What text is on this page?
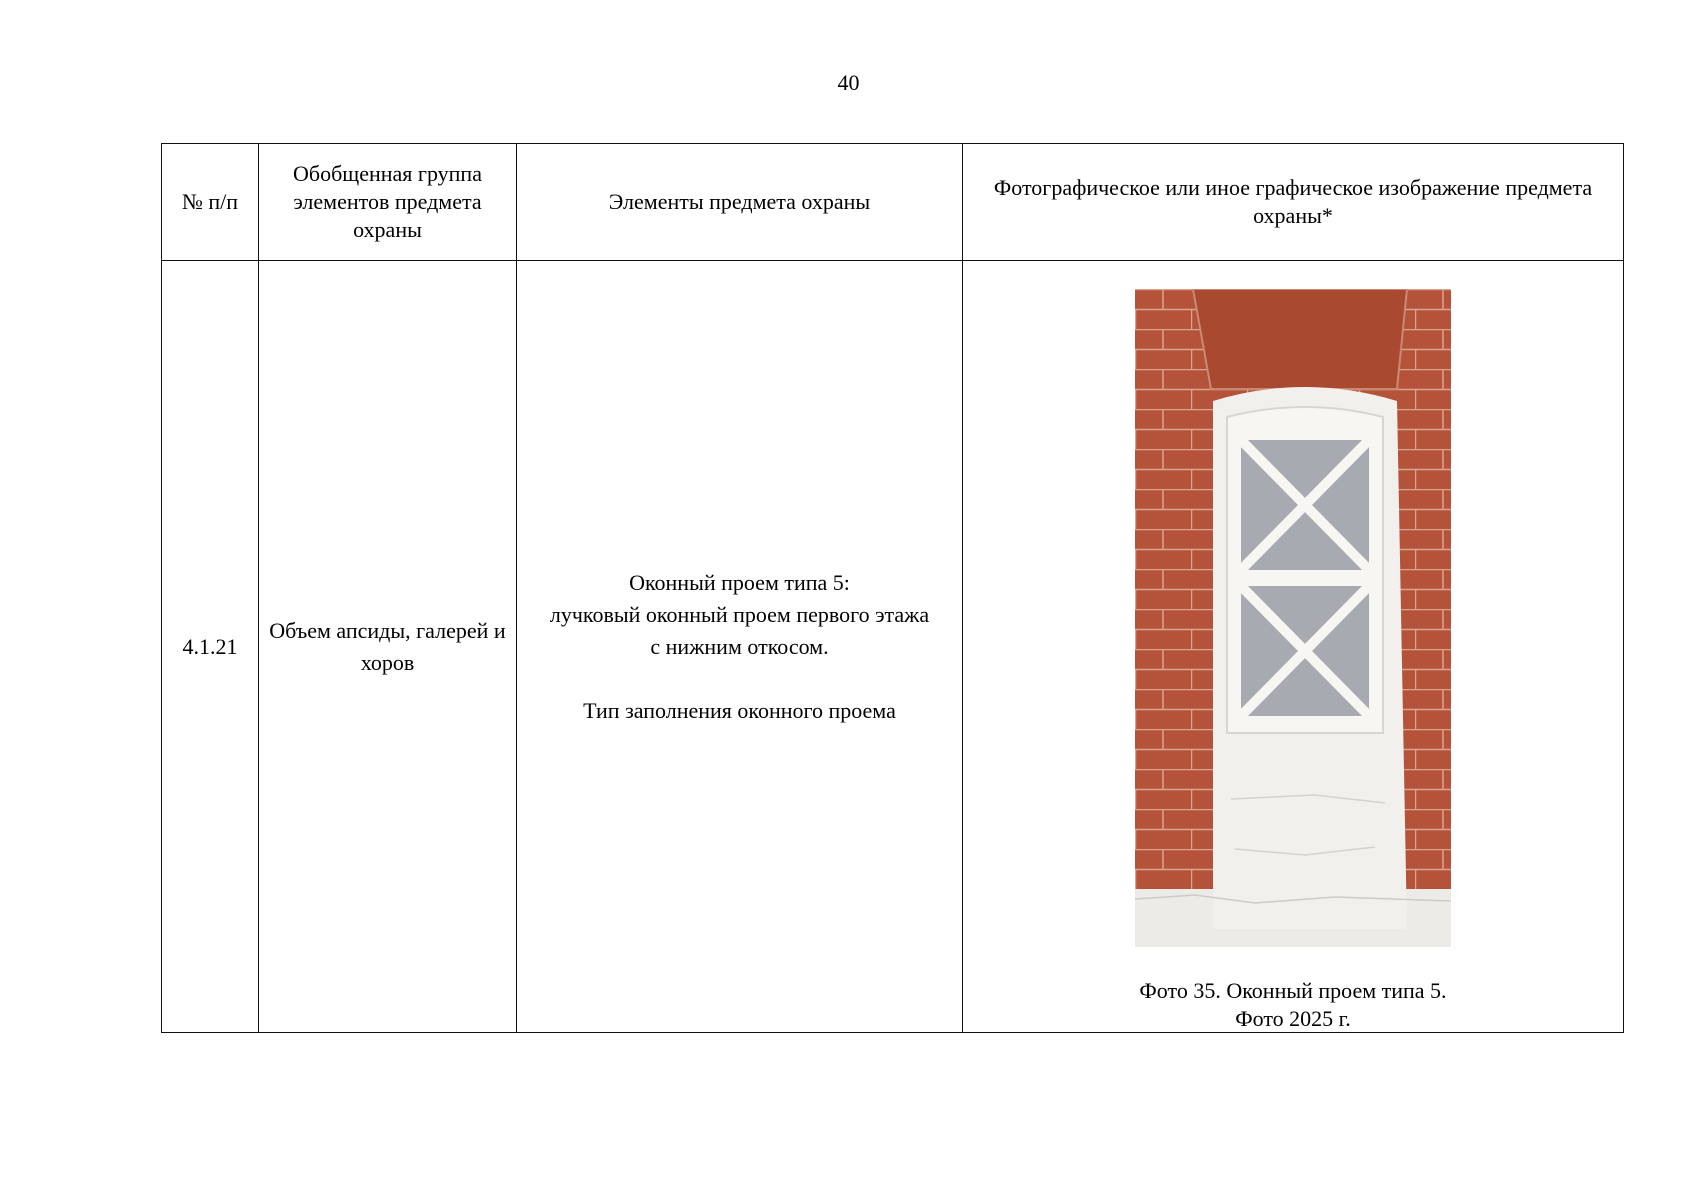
40
№ п/п	Обобщенная группа элементов предмета охраны	Элементы предмета охраны	Фотографическое или иное графическое изображение предмета охраны*
4.1.21	Объем апсиды, галерей и хоров	Оконный проем типа 5:
лучковый оконный проем первого этажа
с нижним откосом.
Тип заполнения оконного проема	Фото 35. Оконный проем типа 5.
Фото 2025 г.
